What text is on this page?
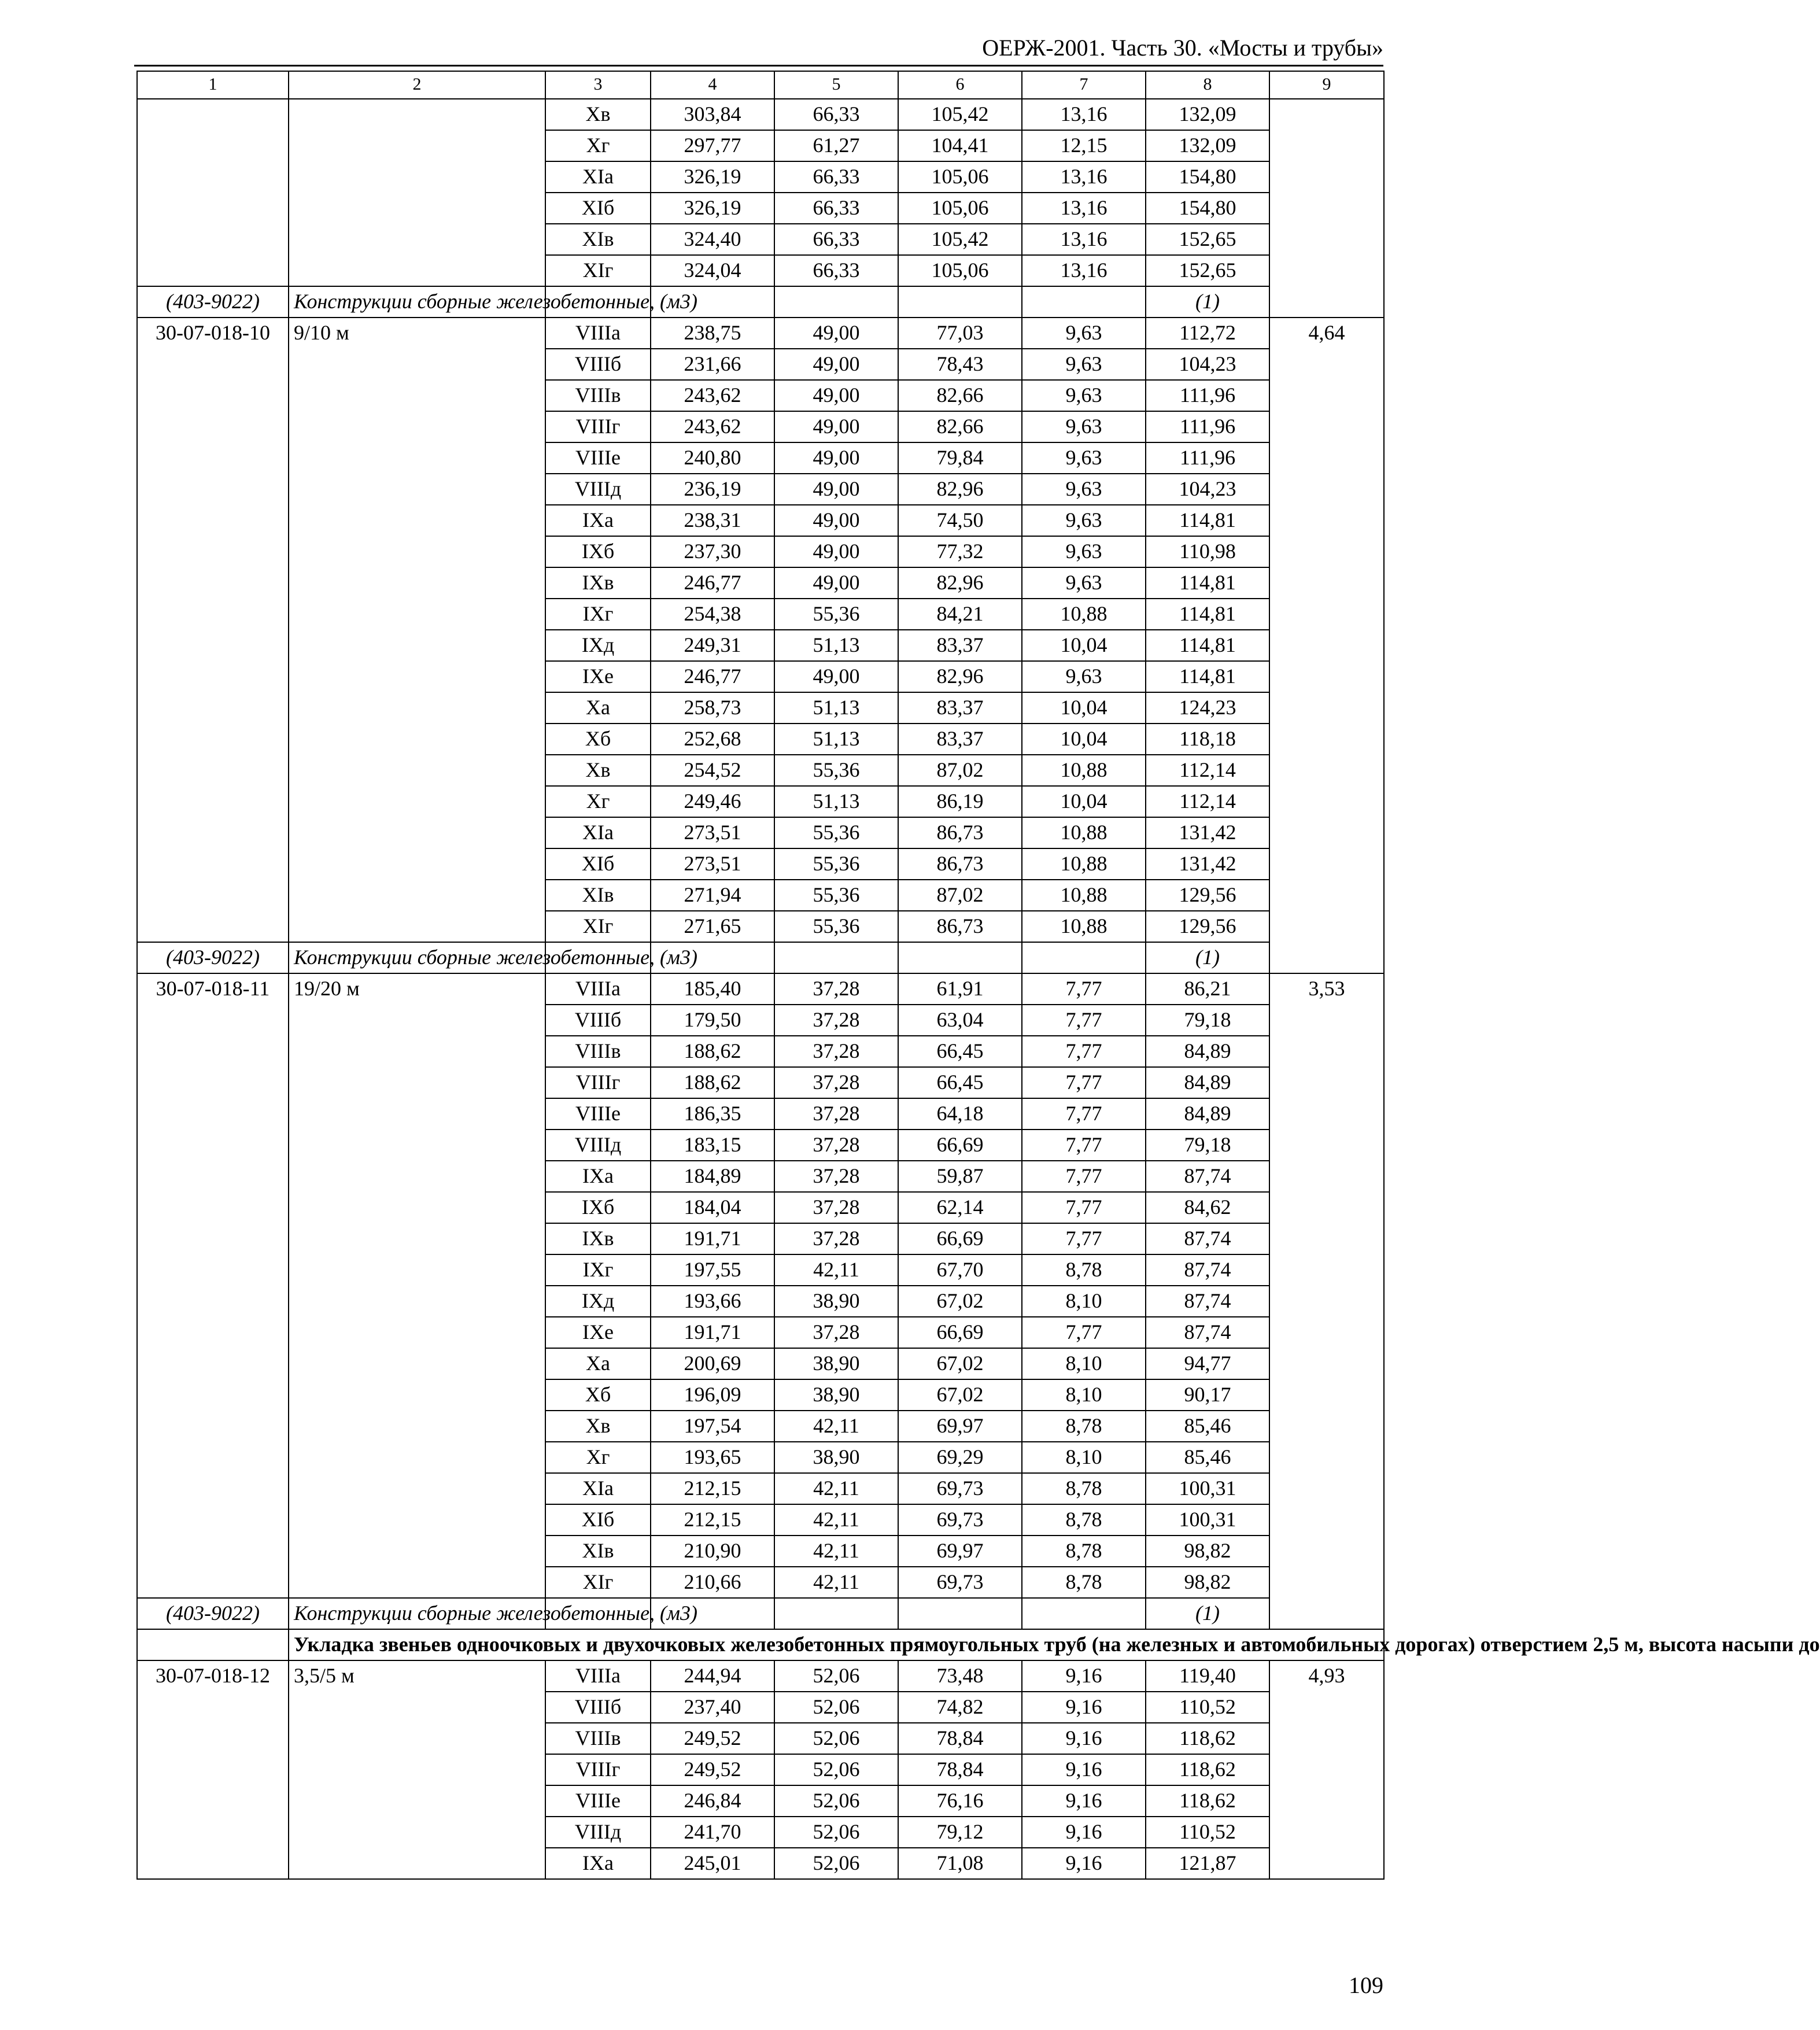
ОЕРЖ-2001. Часть 30. «Мосты и трубы»
1	2	3	4	5	6	7	8	9
		Xв	303,84	66,33	105,42	13,16	132,09	
		Xг	297,77	61,27	104,41	12,15	132,09	
		XIа	326,19	66,33	105,06	13,16	154,80	
		XIб	326,19	66,33	105,06	13,16	154,80	
		XIв	324,40	66,33	105,42	13,16	152,65	
		XIг	324,04	66,33	105,06	13,16	152,65	
(403-9022)	Конструкции сборные железобетонные, (м3)						(1)	
30-07-018-10	9/10 м	VIIIа	238,75	49,00	77,03	9,63	112,72	4,64
		VIIIб	231,66	49,00	78,43	9,63	104,23	
		VIIIв	243,62	49,00	82,66	9,63	111,96	
		VIIIг	243,62	49,00	82,66	9,63	111,96	
		VIIIе	240,80	49,00	79,84	9,63	111,96	
		VIIIд	236,19	49,00	82,96	9,63	104,23	
		IXа	238,31	49,00	74,50	9,63	114,81	
		IXб	237,30	49,00	77,32	9,63	110,98	
		IXв	246,77	49,00	82,96	9,63	114,81	
		IXг	254,38	55,36	84,21	10,88	114,81	
		IXд	249,31	51,13	83,37	10,04	114,81	
		IXе	246,77	49,00	82,96	9,63	114,81	
		Xа	258,73	51,13	83,37	10,04	124,23	
		Xб	252,68	51,13	83,37	10,04	118,18	
		Xв	254,52	55,36	87,02	10,88	112,14	
		Xг	249,46	51,13	86,19	10,04	112,14	
		XIа	273,51	55,36	86,73	10,88	131,42	
		XIб	273,51	55,36	86,73	10,88	131,42	
		XIв	271,94	55,36	87,02	10,88	129,56	
		XIг	271,65	55,36	86,73	10,88	129,56	
(403-9022)	Конструкции сборные железобетонные, (м3)						(1)	
30-07-018-11	19/20 м	VIIIа	185,40	37,28	61,91	7,77	86,21	3,53
		VIIIб	179,50	37,28	63,04	7,77	79,18	
		VIIIв	188,62	37,28	66,45	7,77	84,89	
		VIIIг	188,62	37,28	66,45	7,77	84,89	
		VIIIе	186,35	37,28	64,18	7,77	84,89	
		VIIIд	183,15	37,28	66,69	7,77	79,18	
		IXа	184,89	37,28	59,87	7,77	87,74	
		IXб	184,04	37,28	62,14	7,77	84,62	
		IXв	191,71	37,28	66,69	7,77	87,74	
		IXг	197,55	42,11	67,70	8,78	87,74	
		IXд	193,66	38,90	67,02	8,10	87,74	
		IXе	191,71	37,28	66,69	7,77	87,74	
		Xа	200,69	38,90	67,02	8,10	94,77	
		Xб	196,09	38,90	67,02	8,10	90,17	
		Xв	197,54	42,11	69,97	8,78	85,46	
		Xг	193,65	38,90	69,29	8,10	85,46	
		XIа	212,15	42,11	69,73	8,78	100,31	
		XIб	212,15	42,11	69,73	8,78	100,31	
		XIв	210,90	42,11	69,97	8,78	98,82	
		XIг	210,66	42,11	69,73	8,78	98,82	
(403-9022)	Конструкции сборные железобетонные, (м3)						(1)	
	Укладка звеньев одноочковых и двухочковых железобетонных прямоугольных труб (на железных и автомобильных дорогах) отверстием 2,5 м, высота насыпи до							
30-07-018-12	3,5/5 м	VIIIа	244,94	52,06	73,48	9,16	119,40	4,93
		VIIIб	237,40	52,06	74,82	9,16	110,52	
		VIIIв	249,52	52,06	78,84	9,16	118,62	
		VIIIг	249,52	52,06	78,84	9,16	118,62	
		VIIIе	246,84	52,06	76,16	9,16	118,62	
		VIIIд	241,70	52,06	79,12	9,16	110,52	
		IXа	245,01	52,06	71,08	9,16	121,87	
109
